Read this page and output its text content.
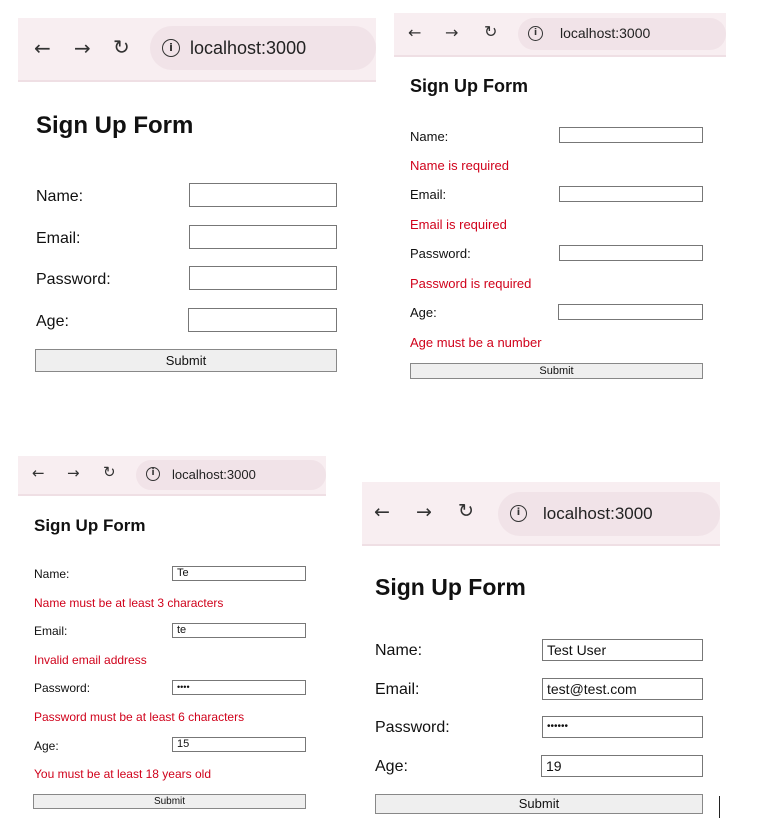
← → ↻	i localhost:3000
Sign Up Form
Name:
Email:
Password:
Age:
Submit
← → ↻	i	localhost:3000
Sign Up Form
Name:
Name is required
Email:
Email is required
Password:
Password is required
Age:
Age must be a number
Submit
← → ↻	i	localhost:3000
Sign Up Form
Name:	Te
Name must be at least 3 characters
Email:	te
Invalid email address
Password:	••••
Password must be at least 6 characters
Age:	15
You must be at least 18 years old
Submit
← → ↻	i	localhost:3000
Sign Up Form
Name:	Test User
Email:	test@test.com
Password:	••••••
Age:	19
Submit
